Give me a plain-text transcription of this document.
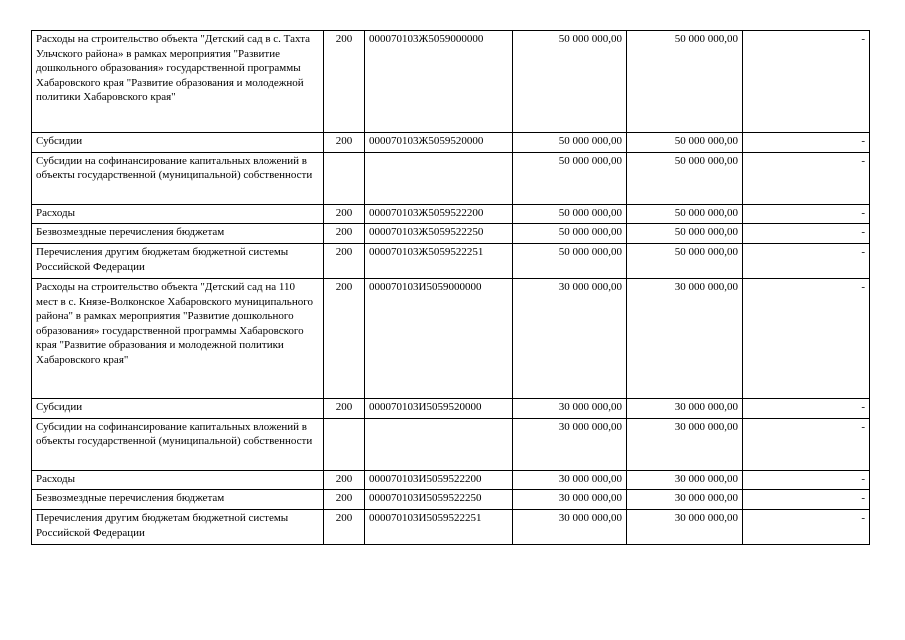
Расходы на строительство объекта "Детский сад в с. Тахта Ульчского района» в рамках мероприятия "Развитие дошкольного образования» государственной программы Хабаровского края "Развитие образования и молодежной политики Хабаровского края"	200	000070103Ж5059000000	50 000 000,00	50 000 000,00	-
Субсидии	200	000070103Ж5059520000	50 000 000,00	50 000 000,00	-
Субсидии на софинансирование капитальных вложений в объекты государственной (муниципальной) собственности			50 000 000,00	50 000 000,00	-
Расходы	200	000070103Ж5059522200	50 000 000,00	50 000 000,00	-
Безвозмездные перечисления бюджетам	200	000070103Ж5059522250	50 000 000,00	50 000 000,00	-
Перечисления другим бюджетам бюджетной системы Российской Федерации	200	000070103Ж5059522251	50 000 000,00	50 000 000,00	-
Расходы на строительство объекта "Детский сад на 110 мест в с. Князе-Волконское Хабаровского муниципального района" в рамках мероприятия "Развитие дошкольного образования» государственной программы Хабаровского края "Развитие образования и молодежной политики Хабаровского края"	200	000070103И5059000000	30 000 000,00	30 000 000,00	-
Субсидии	200	000070103И5059520000	30 000 000,00	30 000 000,00	-
Субсидии на софинансирование капитальных вложений в объекты государственной (муниципальной) собственности			30 000 000,00	30 000 000,00	-
Расходы	200	000070103И5059522200	30 000 000,00	30 000 000,00	-
Безвозмездные перечисления бюджетам	200	000070103И5059522250	30 000 000,00	30 000 000,00	-
Перечисления другим бюджетам бюджетной системы Российской Федерации	200	000070103И5059522251	30 000 000,00	30 000 000,00	-
